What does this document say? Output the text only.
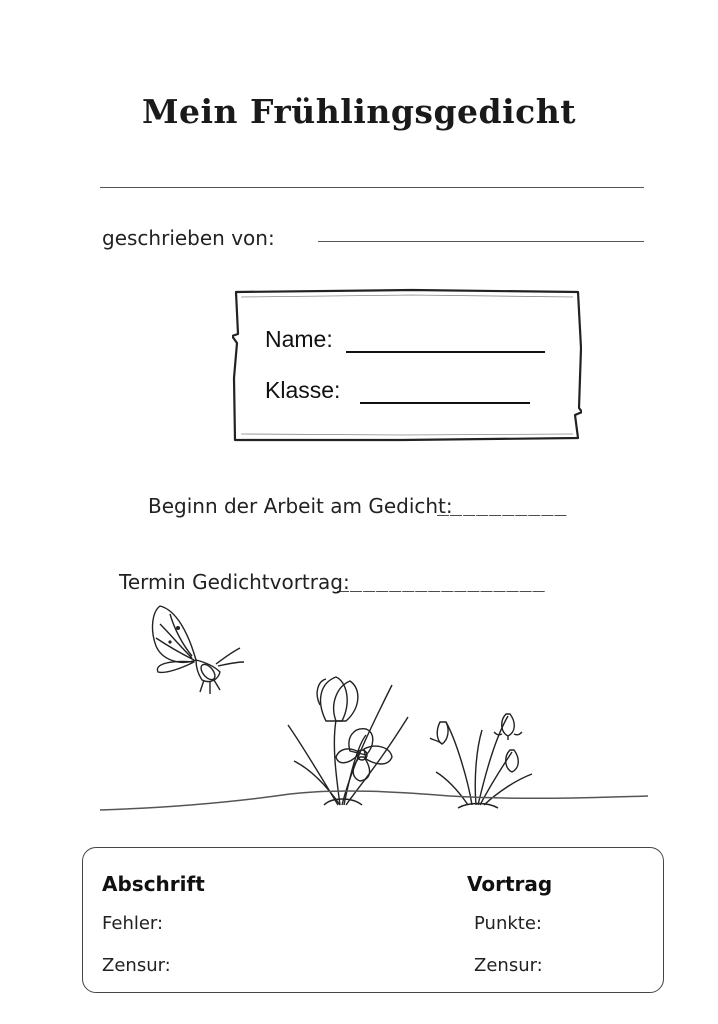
Mein Frühlingsgedicht
geschrieben von:
Name:
Klasse:
Beginn der Arbeit am Gedicht:
__________
Termin Gedichtvortrag:
________________
Abschrift
Fehler:
Zensur:
Vortrag
Punkte:
Zensur:
